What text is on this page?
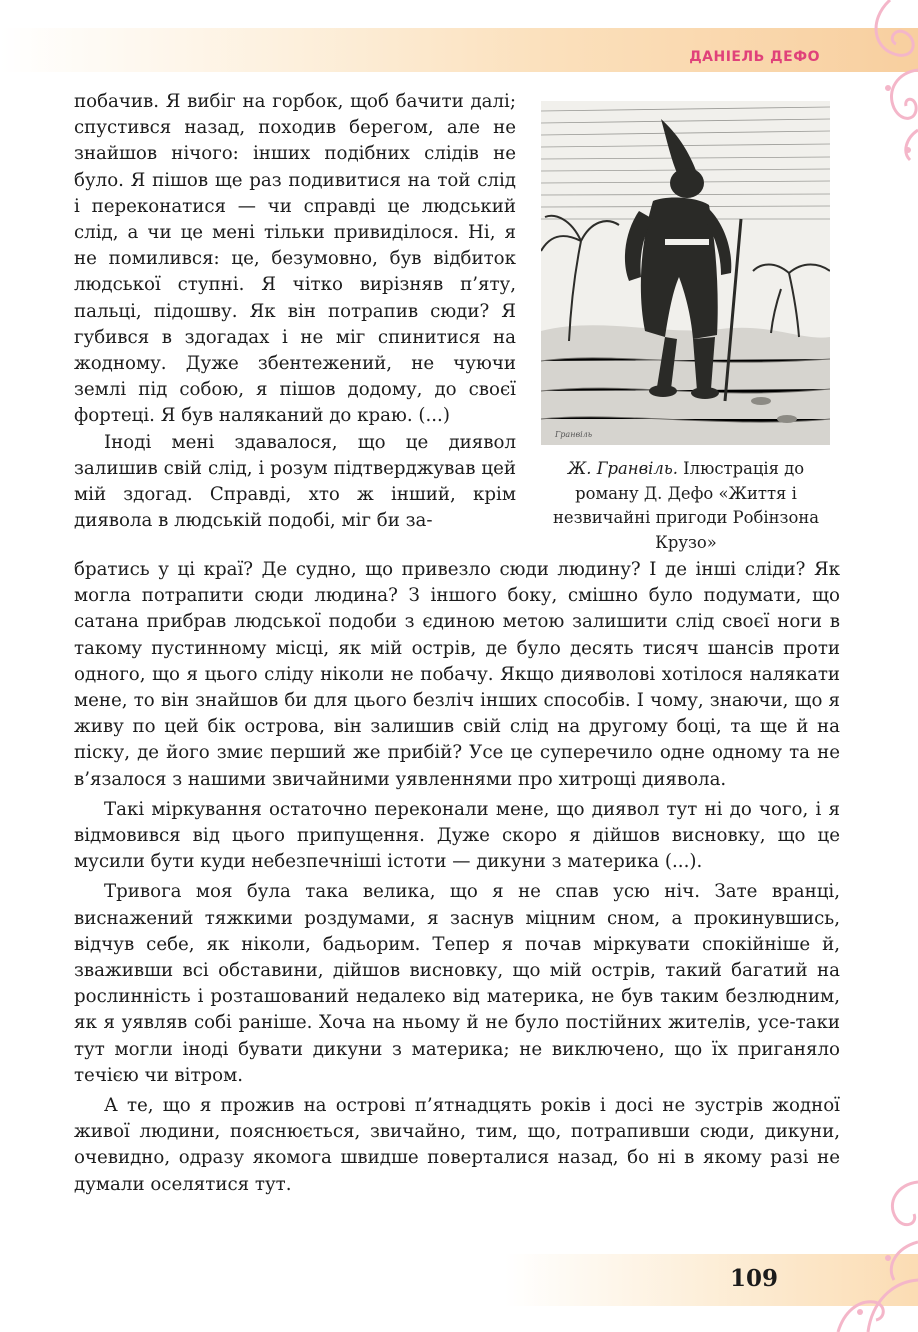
ДАНІЕЛЬ ДЕФО

побачив. Я вибіг на горбок, щоб бачити далі; спустився назад, походив берегом, але не знайшов нічого: інших подібних слідів не було. Я пішов ще раз подивитися на той слід і переконатися — чи справді це людський слід, а чи це мені тільки привиділося. Ні, я не помилився: це, безумовно, був відбиток людської ступні. Я чітко вирізняв п’яту, пальці, підошву. Як він потрапив сюди? Я губився в здогадах і не міг спинитися на жодному. Дуже збентежений, не чуючи землі під собою, я пішов додому, до своєї фортеці. Я був наляканий до краю. (...)

Іноді мені здавалося, що це диявол залишив свій слід, і розум підтверджував цей мій здогад. Справді, хто ж інший, крім диявола в людській подобі, міг би за-

Гранвіль
Ж. Гранвіль. Ілюстрація до роману Д. Дефо «Життя і незвичайні пригоди Робінзона Крузо»

братись у ці краї? Де судно, що привезло сюди людину? І де інші сліди? Як могла потрапити сюди людина? З іншого боку, смішно було подумати, що сатана прибрав людської подоби з єдиною метою залишити слід своєї ноги в такому пустинному місці, як мій острів, де було десять тисяч шансів проти одного, що я цього сліду ніколи не побачу. Якщо дияволові хотілося налякати мене, то він знайшов би для цього безліч інших способів. І чому, знаючи, що я живу по цей бік острова, він залишив свій слід на другому боці, та ще й на піску, де його змиє перший же прибій? Усе це суперечило одне одному та не в’язалося з нашими звичайними уявленнями про хитрощі диявола.

Такі міркування остаточно переконали мене, що диявол тут ні до чого, і я відмовився від цього припущення. Дуже скоро я дійшов висновку, що це мусили бути куди небезпечніші істоти — дикуни з материка (...).

Тривога моя була така велика, що я не спав усю ніч. Зате вранці, виснажений тяжкими роздумами, я заснув міцним сном, а прокинувшись, відчув себе, як ніколи, бадьорим. Тепер я почав міркувати спокійніше й, зваживши всі обставини, дійшов висновку, що мій острів, такий багатий на рослинність і розташований недалеко від материка, не був таким безлюдним, як я уявляв собі раніше. Хоча на ньому й не було постійних жителів, усе-таки тут могли іноді бувати дикуни з материка; не виключено, що їх приганяло течією чи вітром.

А те, що я прожив на острові п’ятнадцять років і досі не зустрів жодної живої людини, пояснюється, звичайно, тим, що, потрапивши сюди, дикуни, очевидно, одразу якомога швидше поверталися назад, бо ні в якому разі не думали оселятися тут.

109
